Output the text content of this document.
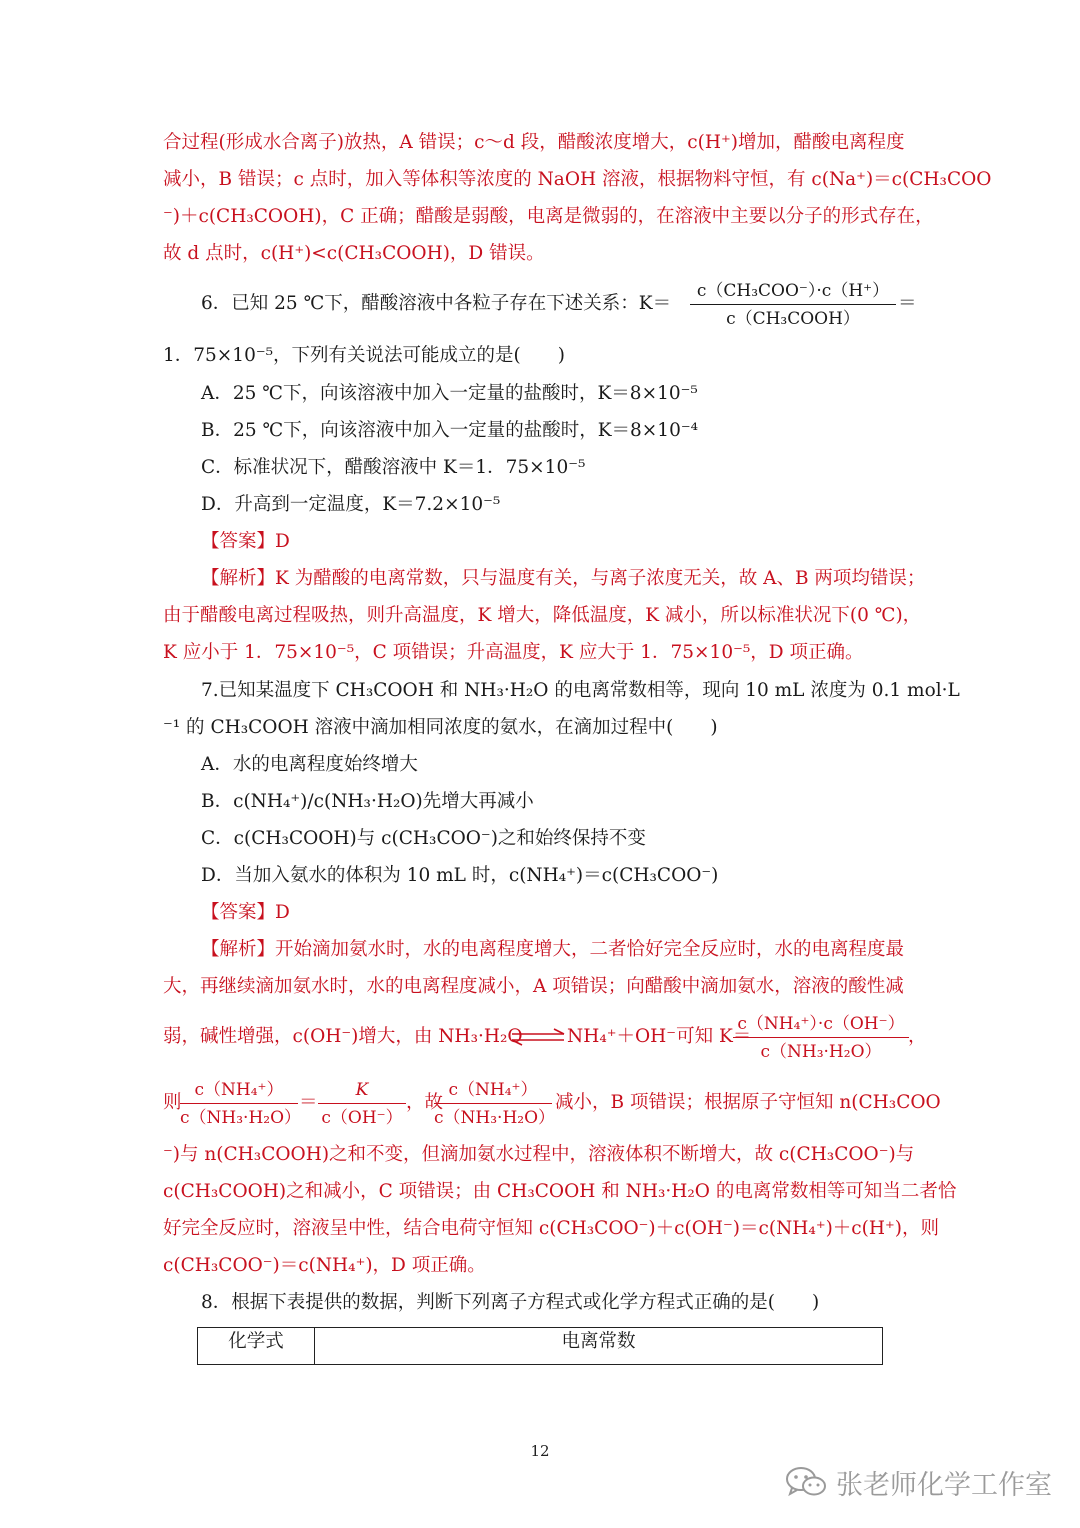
合过程(形成水合离子)放热，A 错误；c～d 段，醋酸浓度增大，c(H⁺)增加，醋酸电离程度
减小，B 错误；c 点时，加入等体积等浓度的 NaOH 溶液，根据物料守恒，有 c(Na⁺)＝c(CH₃COO
⁻)＋c(CH₃COOH)，C 正确；醋酸是弱酸，电离是微弱的，在溶液中主要以分子的形式存在，
故 d 点时，c(H⁺)<c(CH₃COOH)，D 错误。
6．已知 25 ℃下，醋酸溶液中各粒子存在下述关系：K＝
c（CH₃COO⁻）·c（H⁺）
c（CH₃COOH）
＝
1．75×10⁻⁵，下列有关说法可能成立的是(　　)
A．25 ℃下，向该溶液中加入一定量的盐酸时，K＝8×10⁻⁵
B．25 ℃下，向该溶液中加入一定量的盐酸时，K＝8×10⁻⁴
C．标准状况下，醋酸溶液中 K＝1．75×10⁻⁵
D．升高到一定温度，K＝7.2×10⁻⁵
【答案】D
【解析】K 为醋酸的电离常数，只与温度有关，与离子浓度无关，故 A、B 两项均错误；
由于醋酸电离过程吸热，则升高温度，K 增大，降低温度，K 减小，所以标准状况下(0 ℃)，
K 应小于 1．75×10⁻⁵，C 项错误；升高温度，K 应大于 1．75×10⁻⁵，D 项正确。
7.已知某温度下 CH₃COOH 和 NH₃·H₂O 的电离常数相等，现向 10 mL 浓度为 0.1 mol·L
⁻¹ 的 CH₃COOH 溶液中滴加相同浓度的氨水，在滴加过程中(　　)
A．水的电离程度始终增大
B．c(NH₄⁺)/c(NH₃·H₂O)先增大再减小
C．c(CH₃COOH)与 c(CH₃COO⁻)之和始终保持不变
D．当加入氨水的体积为 10 mL 时，c(NH₄⁺)＝c(CH₃COO⁻)
【答案】D
【解析】开始滴加氨水时，水的电离程度增大，二者恰好完全反应时，水的电离程度最
大，再继续滴加氨水时，水的电离程度减小，A 项错误；向醋酸中滴加氨水，溶液的酸性减
弱，碱性增强，c(OH⁻)增大，由 NH₃·H₂O ⇌ NH₄⁺＋OH⁻可知 K＝
c（NH₄⁺）·c（OH⁻）
c（NH₃·H₂O）
，
则
c（NH₄⁺）
c（NH₃·H₂O）
＝
K
c（OH⁻）
，故
c（NH₄⁺）
c（NH₃·H₂O）
减小，B 项错误；根据原子守恒知 n(CH₃COO
⁻)与 n(CH₃COOH)之和不变，但滴加氨水过程中，溶液体积不断增大，故 c(CH₃COO⁻)与
c(CH₃COOH)之和减小，C 项错误；由 CH₃COOH 和 NH₃·H₂O 的电离常数相等可知当二者恰
好完全反应时，溶液呈中性，结合电荷守恒知 c(CH₃COO⁻)＋c(OH⁻)＝c(NH₄⁺)＋c(H⁺)，则
c(CH₃COO⁻)＝c(NH₄⁺)，D 项正确。
8．根据下表提供的数据，判断下列离子方程式或化学方程式正确的是(　　)
化学式	电离常数
12
张老师化学工作室
